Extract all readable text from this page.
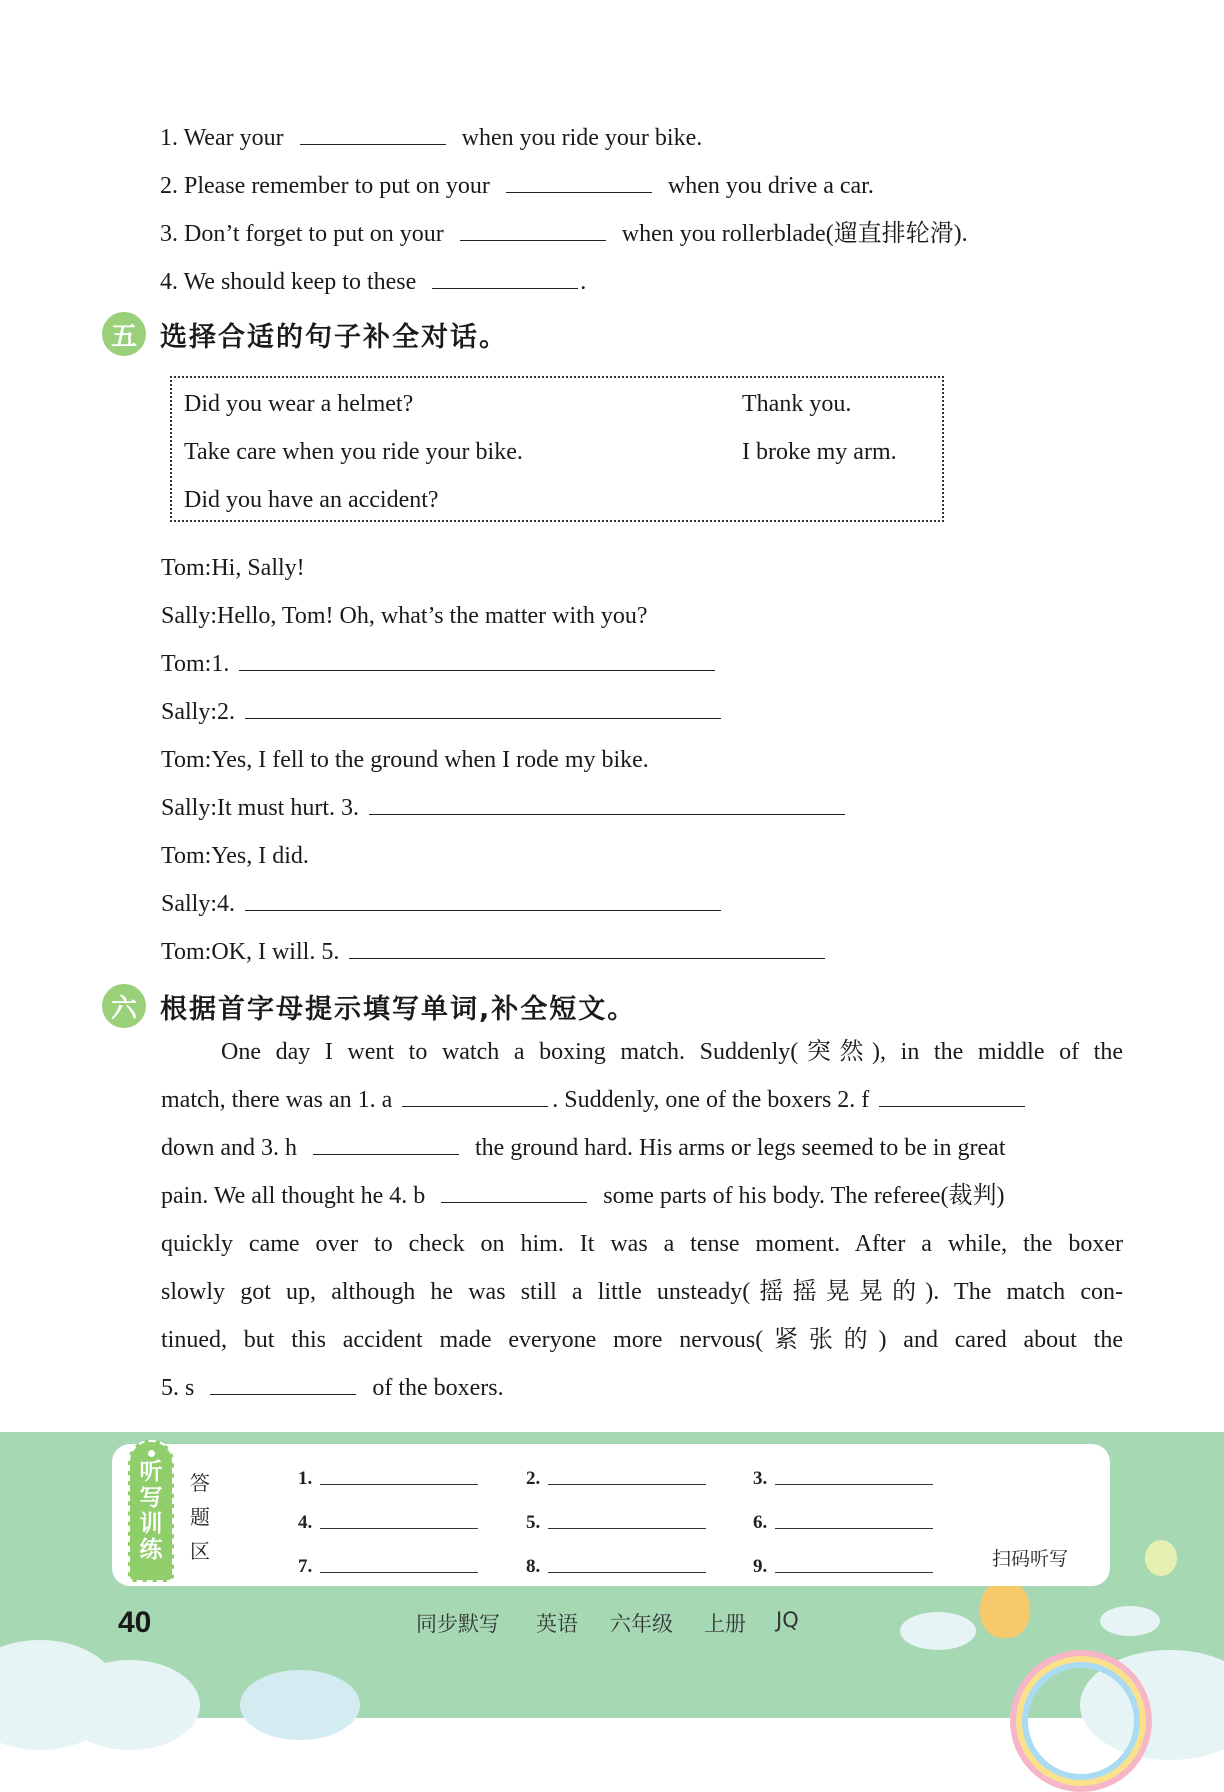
1. Wear your	when you ride your bike.
2. Please remember to put on your	when you drive a car.
3. Don’t forget to put on your	when you rollerblade(遛直排轮滑).
4. We should keep to these	.
五 选择合适的句子补全对话。
Did you wear a helmet?
Take care when you ride your bike.
Did you have an accident?
Thank you.
I broke my arm.
Tom:Hi, Sally!
Sally:Hello, Tom! Oh, what’s the matter with you?
Tom:1.
Sally:2.
Tom:Yes, I fell to the ground when I rode my bike.
Sally:It must hurt. 3.
Tom:Yes, I did.
Sally:4.
Tom:OK, I will. 5.
六 根据首字母提示填写单词,补全短文。
One day I went to watch a boxing match. Suddenly(突然), in the middle of the
match, there was an 1. a	. Suddenly, one of the boxers 2. f
down and 3. h	the ground hard. His arms or legs seemed to be in great
pain. We all thought he 4. b	some parts of his body. The referee(裁判)
quickly came over to check on him. It was a tense moment. After a while, the boxer
slowly got up, although he was still a little unsteady(摇摇晃晃的). The match con-
tinued, but this accident made everyone more nervous(紧张的) and cared about the
5. s	of the boxers.
听
写
训
练
答
题
区
1.	2.	3.
4.	5.	6.
7.	8.	9.	扫码听写
40	同步默写 英语 六年级 上册 JQ
